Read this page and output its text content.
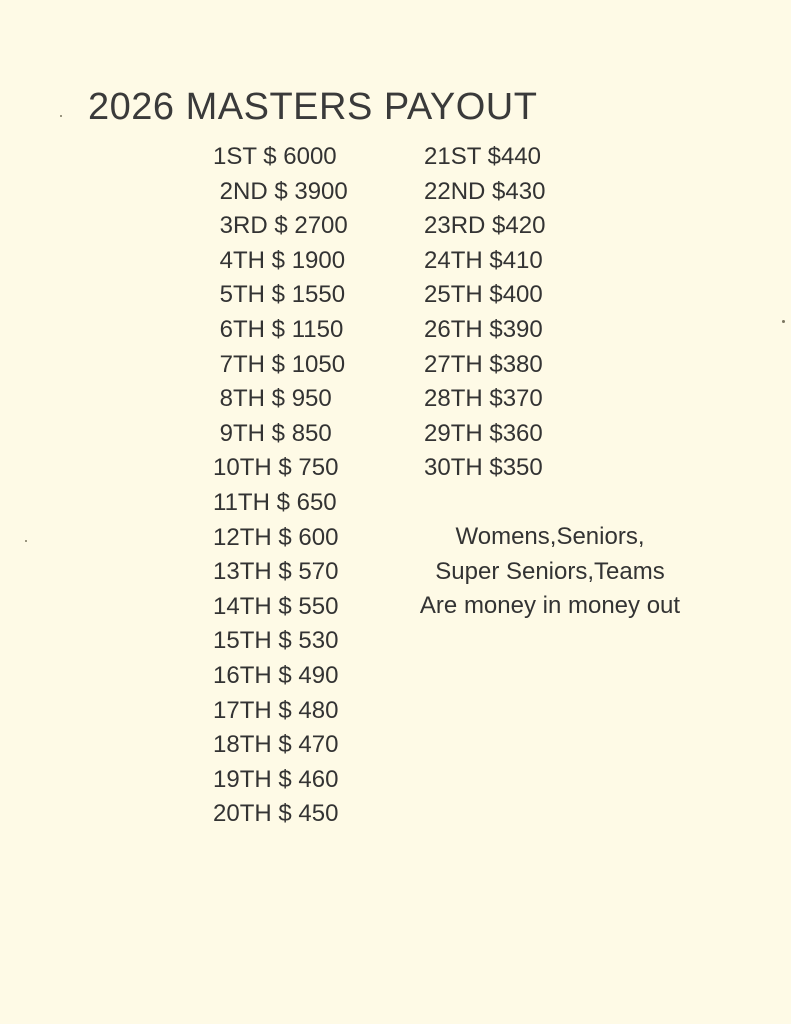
2026 MASTERS PAYOUT
1ST $ 6000
2ND $ 3900
3RD $ 2700
4TH $ 1900
5TH $ 1550
6TH $ 1150
7TH $ 1050
8TH $ 950
9TH $ 850
10TH $ 750
11TH $ 650
12TH $ 600
13TH $ 570
14TH $ 550
15TH $ 530
16TH $ 490
17TH $ 480
18TH $ 470
19TH $ 460
20TH $ 450
21ST $440
22ND $430
23RD $420
24TH $410
25TH $400
26TH $390
27TH $380
28TH $370
29TH $360
30TH $350
Womens,Seniors,
Super Seniors,Teams
Are money in money out
